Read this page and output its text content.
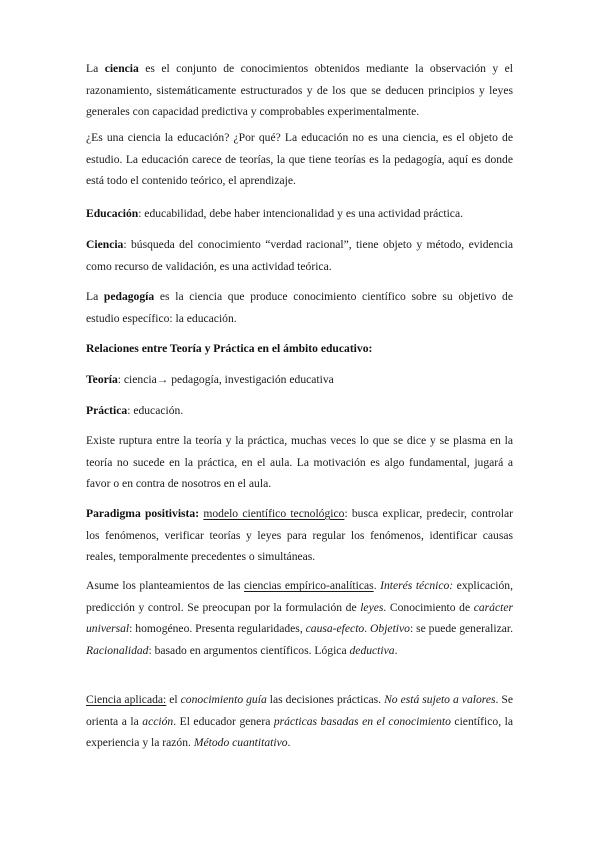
La ciencia es el conjunto de conocimientos obtenidos mediante la observación y el razonamiento, sistemáticamente estructurados y de los que se deducen principios y leyes generales con capacidad predictiva y comprobables experimentalmente.

¿Es una ciencia la educación? ¿Por qué? La educación no es una ciencia, es el objeto de estudio. La educación carece de teorías, la que tiene teorías es la pedagogía, aquí es donde está todo el contenido teórico, el aprendizaje.

Educación: educabilidad, debe haber intencionalidad y es una actividad práctica.

Ciencia: búsqueda del conocimiento “verdad racional”, tiene objeto y método, evidencia como recurso de validación, es una actividad teórica.

La pedagogía es la ciencia que produce conocimiento científico sobre su objetivo de estudio específico: la educación.

Relaciones entre Teoría y Práctica en el ámbito educativo:

Teoría: ciencia→ pedagogía, investigación educativa

Práctica: educación.

Existe ruptura entre la teoría y la práctica, muchas veces lo que se dice y se plasma en la teoría no sucede en la práctica, en el aula. La motivación es algo fundamental, jugará a favor o en contra de nosotros en el aula.

Paradigma positivista: modelo científico tecnológico: busca explicar, predecir, controlar los fenómenos, verificar teorías y leyes para regular los fenómenos, identificar causas reales, temporalmente precedentes o simultáneas.

Asume los planteamientos de las ciencias empírico-analíticas. Interés técnico: explicación, predicción y control. Se preocupan por la formulación de leyes. Conocimiento de carácter universal: homogéneo. Presenta regularidades, causa-efecto. Objetivo: se puede generalizar. Racionalidad: basado en argumentos científicos. Lógica deductiva.

Ciencia aplicada: el conocimiento guía las decisiones prácticas. No está sujeto a valores. Se orienta a la acción. El educador genera prácticas basadas en el conocimiento científico, la experiencia y la razón. Método cuantitativo.
